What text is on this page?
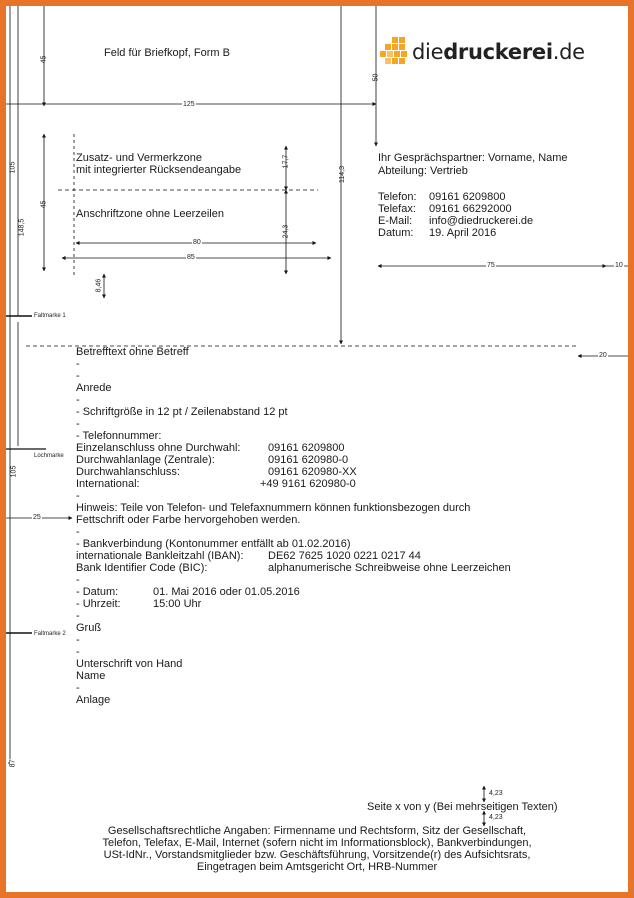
45
50
125
105
148,5
45
17,7
114,3
24,3
80
85
8,46
75	10
20
105
25
87
4,23
4,23
Faltmarke 1
Lochmarke
Faltmarke 2
Feld für Briefkopf, Form B	diedruckerei.de
Zusatz- und Vermerkzone
mit integrierter Rücksendeangabe
Anschriftzone ohne Leerzeilen
Ihr Gesprächspartner: Vorname, Name
Abteilung: Vertrieb
Telefon:	09161 6209800
Telefax:	09161 66292000
E-Mail:	info@diedruckerei.de
Datum:	19. April 2016
Betrefftext ohne Betreff
-
-
Anrede
-
- Schriftgröße in 12 pt / Zeilenabstand 12 pt
-
- Telefonnummer:
Einzelanschluss ohne Durchwahl:	09161 6209800
Durchwahlanlage (Zentrale):	09161 620980-0
Durchwahlanschluss:	09161 620980-XX
International:	+49 9161 620980-0
-
Hinweis: Teile von Telefon- und Telefaxnummern können funktionsbezogen durch
Fettschrift oder Farbe hervorgehoben werden.
-
- Bankverbindung (Kontonummer entfällt ab 01.02.2016)
internationale Bankleitzahl (IBAN):	DE62 7625 1020 0221 0217 44
Bank Identifier Code (BIC):	alphanumerische Schreibweise ohne Leerzeichen
-
- Datum:	01. Mai 2016 oder 01.05.2016
- Uhrzeit:	15:00 Uhr
-
Gruß
-
-
Unterschrift von Hand
Name
-
Anlage
Seite x von y (Bei mehrseitigen Texten)
Gesellschaftsrechtliche Angaben: Firmenname und Rechtsform, Sitz der Gesellschaft,
Telefon, Telefax, E-Mail, Internet (sofern nicht im Informationsblock), Bankverbindungen,
USt-IdNr., Vorstandsmitglieder bzw. Geschäftsführung, Vorsitzende(r) des Aufsichtsrats,
Eingetragen beim Amtsgericht Ort, HRB-Nummer
